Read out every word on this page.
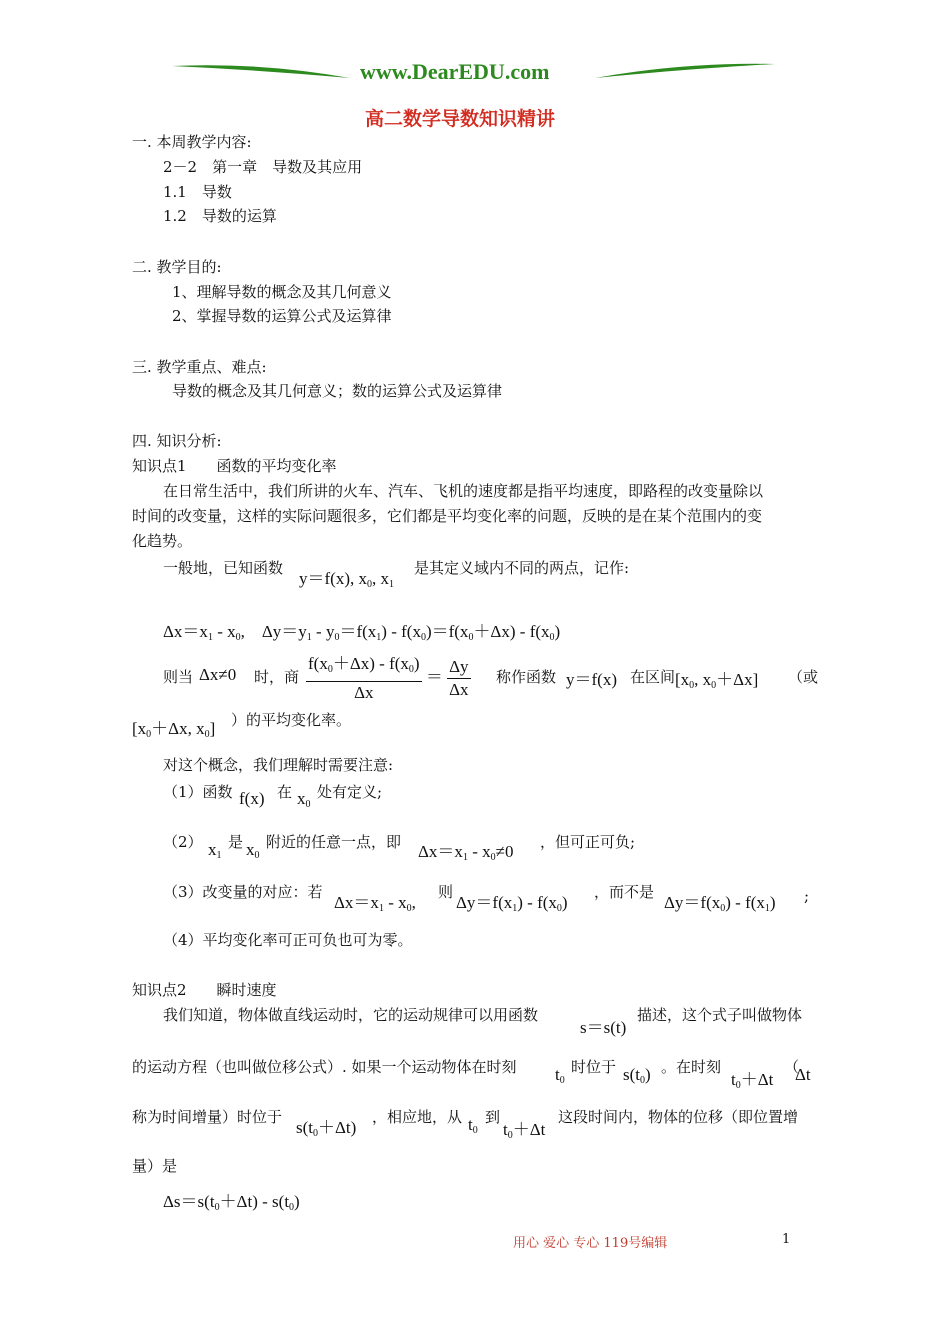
www.DearEDU.com
高二数学导数知识精讲
一. 本周教学内容:
2－2　第一章　导数及其应用
1.1　导数
1.2　导数的运算
二. 教学目的:
1、理解导数的概念及其几何意义
2、掌握导数的运算公式及运算律
三. 教学重点、难点:
导数的概念及其几何意义；数的运算公式及运算律
四. 知识分析:
知识点1　　函数的平均变化率
在日常生活中，我们所讲的火车、汽车、飞机的速度都是指平均速度，即路程的改变量除以
时间的改变量，这样的实际问题很多，它们都是平均变化率的问题，反映的是在某个范围内的变
化趋势。
一般地，已知函数
y＝f(x), $x_0$, $x_1$
是其定义域内不同的两点，记作:
$\Delta x=x_1 - x_0$,    $\Delta y=y_1 - y_0=f(x_1) - f(x_0)=f(x_0+\Delta x) - f(x_0)$
则当 Δx≠0 时，商 $\frac{f(x_0+\Delta x) - f(x_0)}{\Delta x} = \frac{\Delta y}{\Delta x}$ 称作函数 y＝f(x) 在区间 [$x_0$, $x_0+\Delta x$] （或
[$x_0+\Delta x$, $x_0$] ）的平均变化率。
对这个概念，我们理解时需要注意:
（1）函数 f(x) 在 $x_0$
处有定义;
（2） $x_1$
是 $x_0$
附近的任意一点，即 $\Delta x=x_1 - x_0\ne 0$ ，但可正可负;
（3）改变量的对应：若
$\Delta x=x_1 - x_0$,
则
$\Delta y=f(x_1) - f(x_0)$
，而不是
$\Delta y=f(x_0) - f(x_1)$ ;
（4）平均变化率可正可负也可为零。
知识点2　　瞬时速度
我们知道，物体做直线运动时，它的运动规律可以用函数
s＝s(t)
描述，这个式子叫做物体
的运动方程（也叫做位移公式）. 如果一个运动物体在时刻 $t_0$
时位于 $s(t_0)$ 。在时刻
$t_0+\Delta t$
（
Δt
称为时间增量）时位于
$s(t_0+\Delta t)$
，相应地，从 $t_0$
到
$t_0+\Delta t$
这段时间内，物体的位移（即位置增
量）是
$\Delta s=s(t_0+\Delta t) - s(t_0)$
用心 爱心 专心 119号编辑	1
